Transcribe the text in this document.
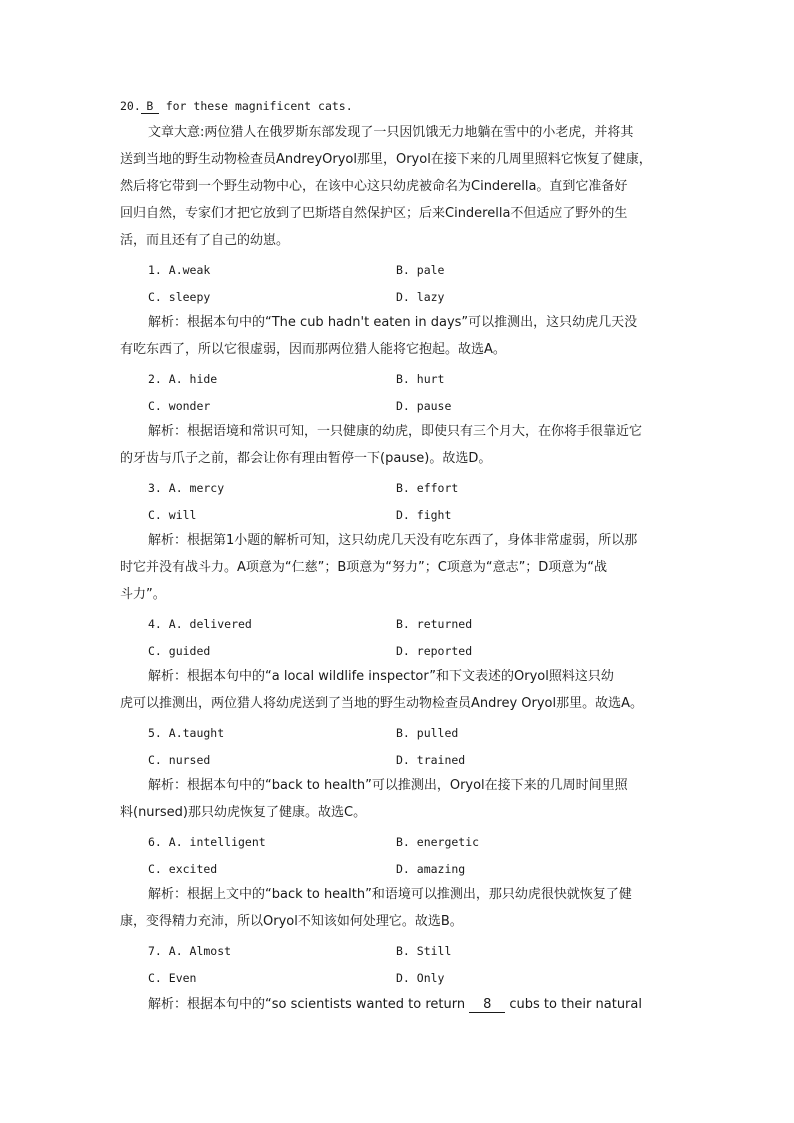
20. B for these magnificent cats.
文章大意:两位猎人在俄罗斯东部发现了一只因饥饿无力地躺在雪中的小老虎，并将其
送到当地的野生动物检查员AndreyOryol那里，Oryol在接下来的几周里照料它恢复了健康，
然后将它带到一个野生动物中心，在该中心这只幼虎被命名为Cinderella。直到它准备好
回归自然，专家们才把它放到了巴斯塔自然保护区；后来Cinderella不但适应了野外的生
活，而且还有了自己的幼崽。
1. A.weak	B. pale
C. sleepy	D. lazy
解析：根据本句中的“The cub hadn't eaten in days”可以推测出，这只幼虎几天没
有吃东西了，所以它很虚弱，因而那两位猎人能将它抱起。故选A。
2. A. hide	B. hurt
C. wonder	D. pause
解析：根据语境和常识可知，一只健康的幼虎，即使只有三个月大，在你将手很靠近它
的牙齿与爪子之前，都会让你有理由暂停一下(pause)。故选D。
3. A. mercy	B. effort
C. will	D. fight
解析：根据第1小题的解析可知，这只幼虎几天没有吃东西了，身体非常虚弱，所以那
时它并没有战斗力。A项意为“仁慈”；B项意为“努力”；C项意为“意志”；D项意为“战
斗力”。
4. A. delivered	B. returned
C. guided	D. reported
解析：根据本句中的“a local wildlife inspector”和下文表述的Oryol照料这只幼
虎可以推测出，两位猎人将幼虎送到了当地的野生动物检查员Andrey Oryol那里。故选A。
5. A.taught	B. pulled
C. nursed	D. trained
解析：根据本句中的“back to health”可以推测出，Oryol在接下来的几周时间里照
料(nursed)那只幼虎恢复了健康。故选C。
6. A. intelligent	B. energetic
C. excited	D. amazing
解析：根据上文中的“back to health”和语境可以推测出，那只幼虎很快就恢复了健
康，变得精力充沛，所以Oryol不知该如何处理它。故选B。
7. A. Almost	B. Still
C. Even	D. Only
解析：根据本句中的“so scientists wanted to return 8 cubs to their natural
